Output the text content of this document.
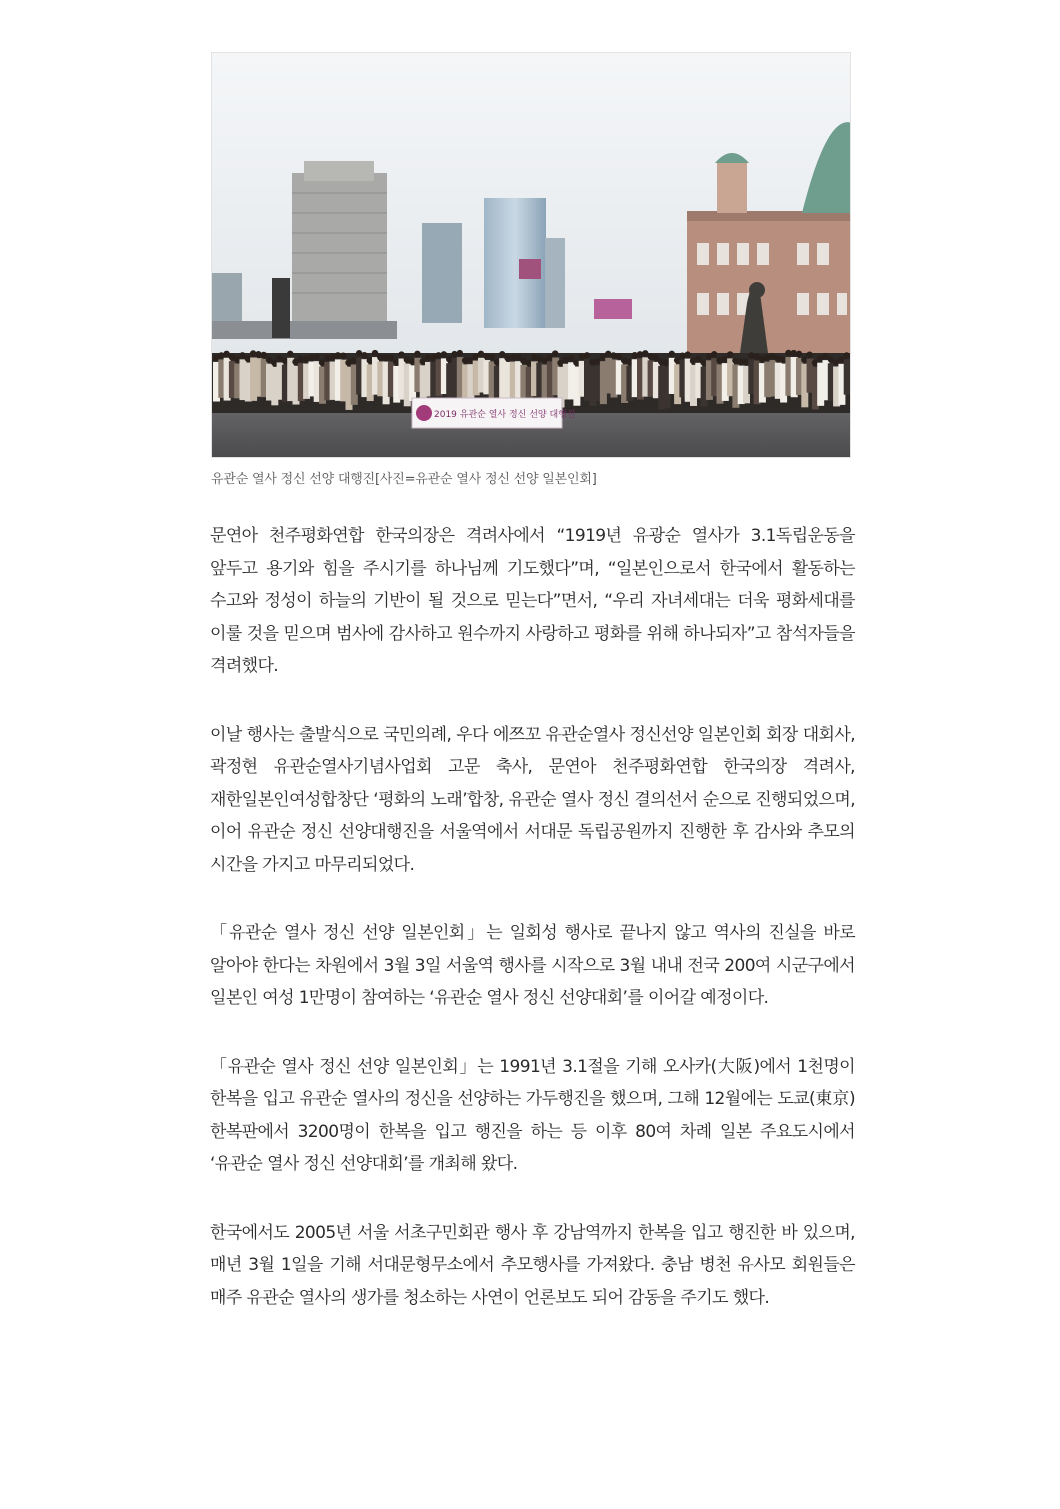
2019 유관순 열사 정신 선양 대행진
유관순 열사 정신 선양 대행진[사진=유관순 열사 정신 선양 일본인회]

문연아 천주평화연합 한국의장은 격려사에서 “1919년 유광순 열사가 3.1독립운동을 앞두고 용기와 힘을 주시기를 하나님께 기도했다”며, “일본인으로서 한국에서 활동하는 수고와 정성이 하늘의 기반이 될 것으로 믿는다”면서, “우리 자녀세대는 더욱 평화세대를 이룰 것을 믿으며 범사에 감사하고 원수까지 사랑하고 평화를 위해 하나되자”고 참석자들을 격려했다.

이날 행사는 출발식으로 국민의례, 우다 에쯔꼬 유관순열사 정신선양 일본인회 회장 대회사, 곽정현 유관순열사기념사업회 고문 축사, 문연아 천주평화연합 한국의장 격려사, 재한일본인여성합창단 ‘평화의 노래’합창, 유관순 열사 정신 결의선서 순으로 진행되었으며, 이어 유관순 정신 선양대행진을 서울역에서 서대문 독립공원까지 진행한 후 감사와 추모의 시간을 가지고 마무리되었다.

「유관순 열사 정신 선양 일본인회」는 일회성 행사로 끝나지 않고 역사의 진실을 바로 알아야 한다는 차원에서 3월 3일 서울역 행사를 시작으로 3월 내내 전국 200여 시군구에서 일본인 여성 1만명이 참여하는 ‘유관순 열사 정신 선양대회’를 이어갈 예정이다.

「유관순 열사 정신 선양 일본인회」는 1991년 3.1절을 기해 오사카(大阪)에서 1천명이 한복을 입고 유관순 열사의 정신을 선양하는 가두행진을 했으며, 그해 12월에는 도쿄(東京) 한복판에서 3200명이 한복을 입고 행진을 하는 등 이후 80여 차례 일본 주요도시에서 ‘유관순 열사 정신 선양대회’를 개최해 왔다.

한국에서도 2005년 서울 서초구민회관 행사 후 강남역까지 한복을 입고 행진한 바 있으며, 매년 3월 1일을 기해 서대문형무소에서 추모행사를 가져왔다. 충남 병천 유사모 회원들은 매주 유관순 열사의 생가를 청소하는 사연이 언론보도 되어 감동을 주기도 했다.
